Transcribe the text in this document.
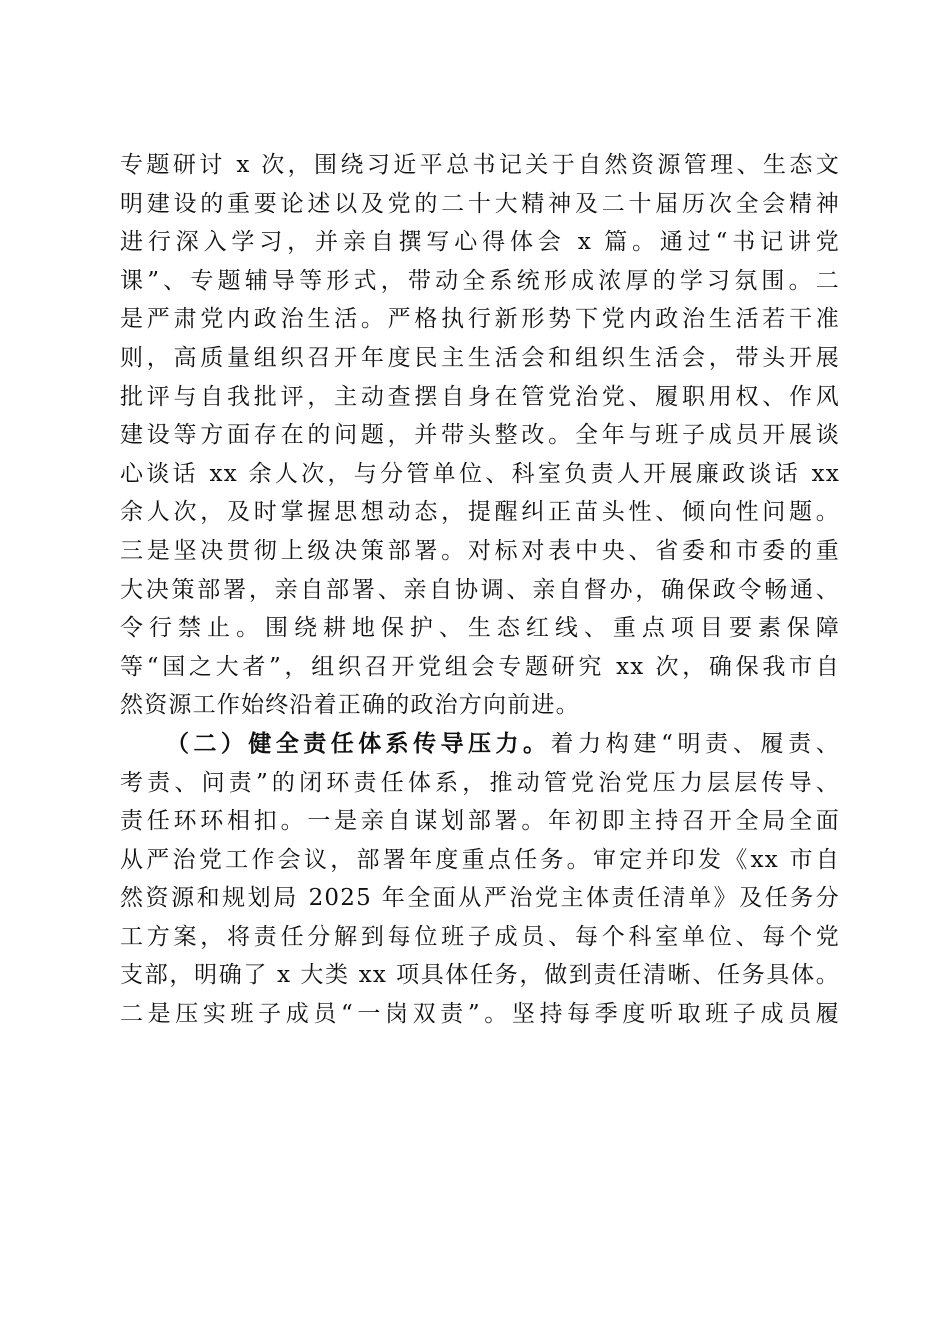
专题研讨 x 次，围绕习近平总书记关于自然资源管理、生态文
明建设的重要论述以及党的二十大精神及二十届历次全会精神
进行深入学习，并亲自撰写心得体会 x 篇。通过“书记讲党
课”、专题辅导等形式，带动全系统形成浓厚的学习氛围。二
是严肃党内政治生活。严格执行新形势下党内政治生活若干准
则，高质量组织召开年度民主生活会和组织生活会，带头开展
批评与自我批评，主动查摆自身在管党治党、履职用权、作风
建设等方面存在的问题，并带头整改。全年与班子成员开展谈
心谈话 xx 余人次，与分管单位、科室负责人开展廉政谈话 xx
余人次，及时掌握思想动态，提醒纠正苗头性、倾向性问题。
三是坚决贯彻上级决策部署。对标对表中央、省委和市委的重
大决策部署，亲自部署、亲自协调、亲自督办，确保政令畅通、
令行禁止。围绕耕地保护、生态红线、重点项目要素保障
等“国之大者”，组织召开党组会专题研究 xx 次，确保我市自
然资源工作始终沿着正确的政治方向前进。
（二）健全责任体系传导压力。着力构建“明责、履责、
考责、问责”的闭环责任体系，推动管党治党压力层层传导、
责任环环相扣。一是亲自谋划部署。年初即主持召开全局全面
从严治党工作会议，部署年度重点任务。审定并印发《xx 市自
然资源和规划局 2025 年全面从严治党主体责任清单》及任务分
工方案，将责任分解到每位班子成员、每个科室单位、每个党
支部，明确了 x 大类 xx 项具体任务，做到责任清晰、任务具体。
二是压实班子成员“一岗双责”。坚持每季度听取班子成员履
